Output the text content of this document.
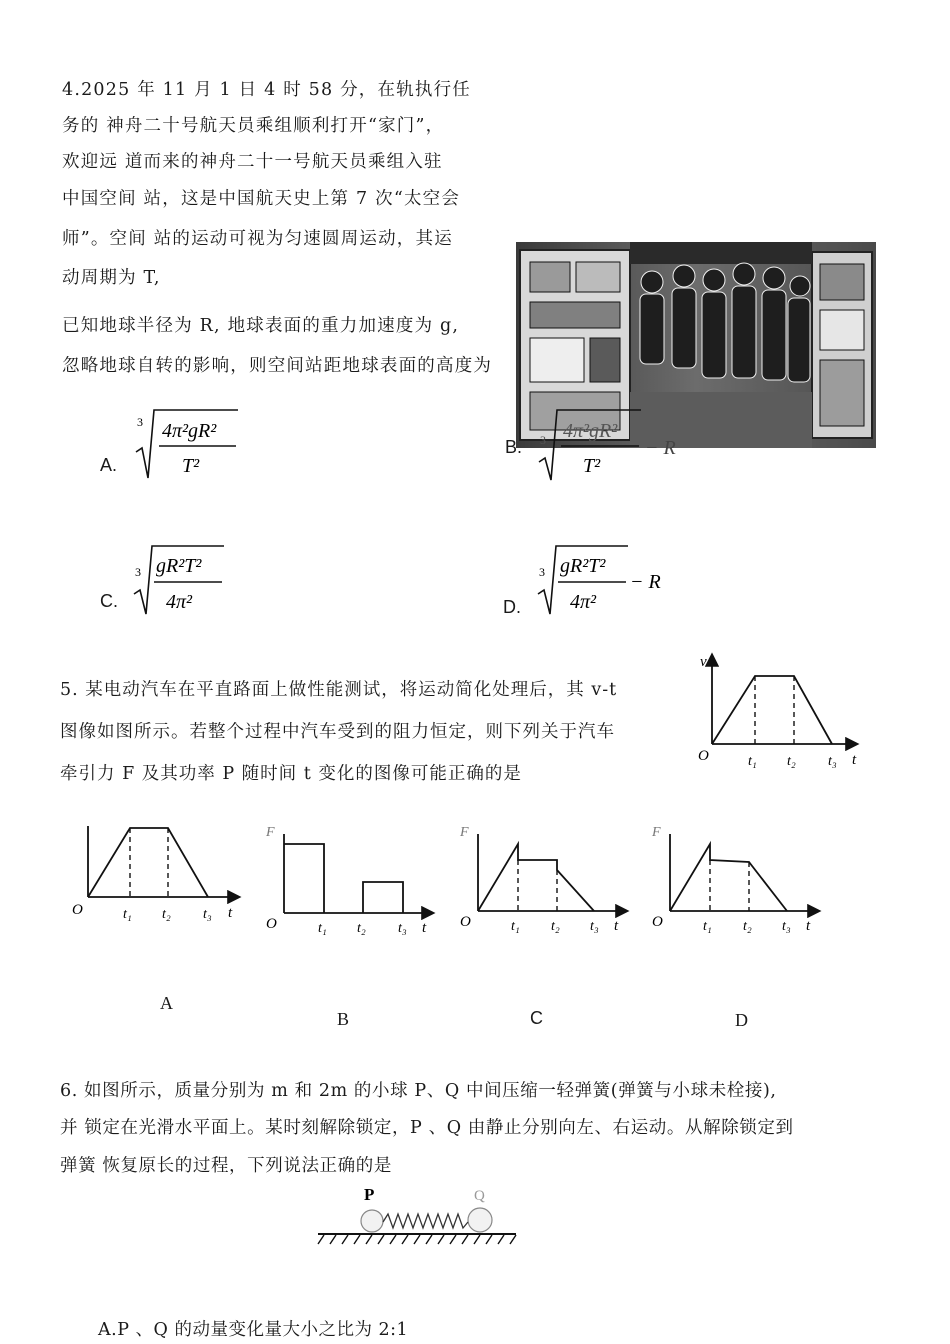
4.2025 年 11 月 1 日 4 时 58 分，在轨执行任
务的 神舟二十号航天员乘组顺利打开“家门”，
欢迎远 道而来的神舟二十一号航天员乘组入驻
中国空间 站，这是中国航天史上第 7 次“太空会
师”。空间 站的运动可视为匀速圆周运动，其运
动周期为 T,
已知地球半径为 R, 地球表面的重力加速度为 g,
忽略地球自转的影响，则空间站距地球表面的高度为
A.
3 4π²gR²
T²
B. 3 4π²gR²
T²
− R
C.
3 gR²T²
4π²	D.
3 gR²T²
4π²
− R
5. 某电动汽车在平直路面上做性能测试，将运动简化处理后，其 v-t
图像如图所示。若整个过程中汽车受到的阻力恒定，则下列关于汽车
牵引力 F 及其功率 P 随时间 t 变化的图像可能正确的是
v
O	t₁ t₂ t₃ t
O	t₁ t₂ t₃ t
F
O	t₁ t₂ t₃ t
F
O	t₁ t₂ t₃ t
F
O	t₁ t₂ t₃ t
A
B	C	D
6. 如图所示，质量分别为 m 和 2m 的小球 P、Q 中间压缩一轻弹簧(弹簧与小球未栓接),
并 锁定在光滑水平面上。某时刻解除锁定，P 、Q 由静止分别向左、右运动。从解除锁定到
弹簧 恢复原长的过程，下列说法正确的是
P	Q
A.P 、Q 的动量变化量大小之比为 2:1
